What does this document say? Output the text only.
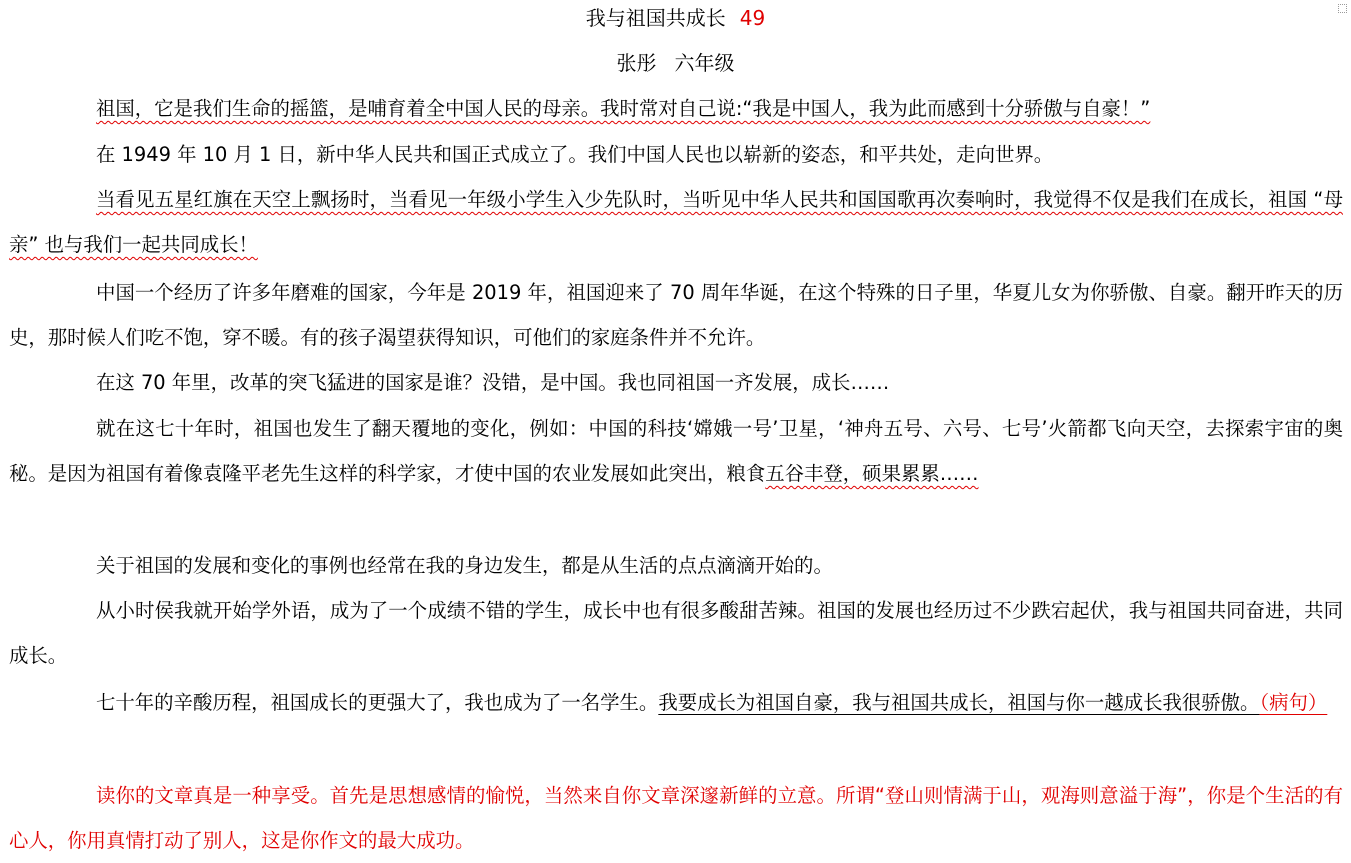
我与祖国共成长 49
张彤 六年级

祖国，它是我们生命的摇篮，是哺育着全中国人民的母亲。我时常对自己说:“我是中国人，我为此而感到十分骄傲与自豪！”

在 1949 年 10 月 1 日，新中华人民共和国正式成立了。我们中国人民也以崭新的姿态，和平共处，走向世界。

当看见五星红旗在天空上飘扬时，当看见一年级小学生入少先队时，当听见中华人民共和国国歌再次奏响时，我觉得不仅是我们在成长，祖国 “母亲” 也与我们一起共同成长！

中国一个经历了许多年磨难的国家，今年是 2019 年，祖国迎来了 70 周年华诞，在这个特殊的日子里，华夏儿女为你骄傲、自豪。翻开昨天的历史，那时候人们吃不饱，穿不暖。有的孩子渴望获得知识，可他们的家庭条件并不允许。

在这 70 年里，改革的突飞猛进的国家是谁？没错，是中国。我也同祖国一齐发展，成长……

就在这七十年时，祖国也发生了翻天覆地的变化，例如：中国的科技‘嫦娥一号’卫星，‘神舟五号、六号、七号’火箭都飞向天空，去探索宇宙的奥秘。是因为祖国有着像袁隆平老先生这样的科学家，才使中国的农业发展如此突出，粮食五谷丰登，硕果累累……

关于祖国的发展和变化的事例也经常在我的身边发生，都是从生活的点点滴滴开始的。

从小时侯我就开始学外语，成为了一个成绩不错的学生，成长中也有很多酸甜苦辣。祖国的发展也经历过不少跌宕起伏，我与祖国共同奋进，共同成长。

七十年的辛酸历程，祖国成长的更强大了，我也成为了一名学生。我要成长为祖国自豪，我与祖国共成长，祖国与你一越成长我很骄傲。（病句）

读你的文章真是一种享受。首先是思想感情的愉悦，当然来自你文章深邃新鲜的立意。所谓“登山则情满于山，观海则意溢于海”，你是个生活的有心人，你用真情打动了别人，这是你作文的最大成功。
